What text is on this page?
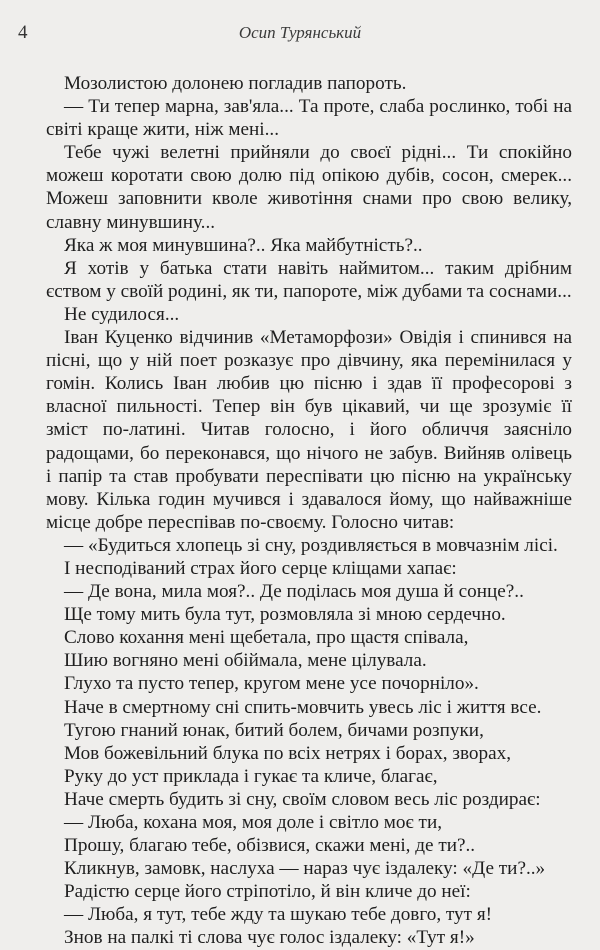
4	Осип Турянський

Мозолистою долонею погладив папороть.

— Ти тепер марна, зав'яла... Та проте, слаба рослинко, тобі на світі краще жити, ніж мені...

Тебе чужі велетні прийняли до своєї рідні... Ти спокійно можеш коротати свою долю під опікою дубів, сосон, смерек... Можеш заповнити кволе животіння снами про свою велику, славну минувшину...

Яка ж моя минувшина?.. Яка майбутність?..

Я хотів у батька стати навіть наймитом... таким дрібним єством у своїй родині, як ти, папороте, між дубами та соснами...

Не судилося...

Іван Куценко відчинив «Метаморфози» Овідія і спинився на пісні, що у ній поет розказує про дівчину, яка перемінилася у гомін. Колись Іван любив цю пісню і здав її професорові з власної пильності. Тепер він був цікавий, чи ще зрозуміє її зміст по-латині. Читав голосно, і його обличчя заясніло радощами, бо переконався, що нічого не забув. Вийняв олівець і папір та став пробувати переспівати цю пісню на українську мову. Кілька годин мучився і здавалося йому, що найважніше місце добре переспівав по-своєму. Голосно читав:

— «Будиться хлопець зі сну, роздивляється в мовчазнім лісі.

І несподіваний страх його серце кліщами хапає:

— Де вона, мила моя?.. Де поділась моя душа й сонце?..

Ще тому мить була тут, розмовляла зі мною сердечно.

Слово кохання мені щебетала, про щастя співала,

Шию вогняно мені обіймала, мене цілувала.

Глухо та пусто тепер, кругом мене усе почорніло».

Наче в смертному сні спить-мовчить увесь ліс і життя все.

Тугою гнаний юнак, битий болем, бичами розпуки,

Мов божевільний блука по всіх нетрях і борах, зворах,

Руку до уст приклада і гукає та кличе, благає,

Наче смерть будить зі сну, своїм словом весь ліс роздирає:

— Люба, кохана моя, моя доле і світло моє ти,

Прошу, благаю тебе, обізвися, скажи мені, де ти?..

Кликнув, замовк, наслуха — нараз чує іздалеку: «Де ти?..»

Радістю серце його стріпотіло, й він кличе до неї:

— Люба, я тут, тебе жду та шукаю тебе довго, тут я!

Знов на палкі ті слова чує голос іздалеку: «Тут я!»
